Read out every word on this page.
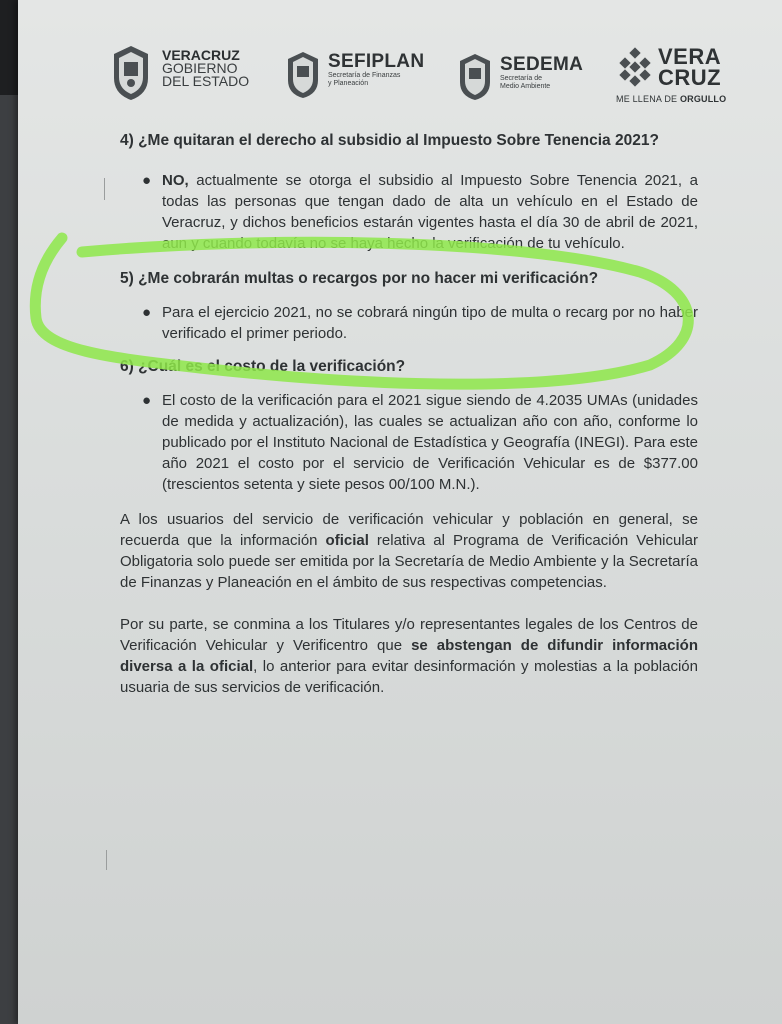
VERACRUZ
GOBIERNO
DEL ESTADO
SEFIPLAN
Secretaría de Finanzas
y Planeación
SEDEMA
Secretaría de
Medio Ambiente
VERA
CRUZ
ME LLENA DE ORGULLO

4) ¿Me quitaran el derecho al subsidio al Impuesto Sobre Tenencia 2021?

● NO, actualmente se otorga el subsidio al Impuesto Sobre Tenencia 2021, a todas las personas que tengan dado de alta un vehículo en el Estado de Veracruz, y dichos beneficios estarán vigentes hasta el día 30 de abril de 2021, aun y cuando todavía no se haya hecho la verificación de tu vehículo.

5) ¿Me cobrarán multas o recargos por no hacer mi verificación?

● Para el ejercicio 2021, no se cobrará ningún tipo de multa o recarg por no haber verificado el primer periodo.

6) ¿Cuál es el costo de la verificación?

● El costo de la verificación para el 2021 sigue siendo de 4.2035 UMAs (unidades de medida y actualización), las cuales se actualizan año con año, conforme lo publicado por el Instituto Nacional de Estadística y Geografía (INEGI). Para este año 2021 el costo por el servicio de Verificación Vehicular es de $377.00 (trescientos setenta y siete pesos 00/100 M.N.).

A los usuarios del servicio de verificación vehicular y población en general, se recuerda que la información oficial relativa al Programa de Verificación Vehicular Obligatoria solo puede ser emitida por la Secretaría de Medio Ambiente y la Secretaría de Finanzas y Planeación en el ámbito de sus respectivas competencias.

Por su parte, se conmina a los Titulares y/o representantes legales de los Centros de Verificación Vehicular y Verificentro que se abstengan de difundir información diversa a la oficial, lo anterior para evitar desinformación y molestias a la población usuaria de sus servicios de verificación.
